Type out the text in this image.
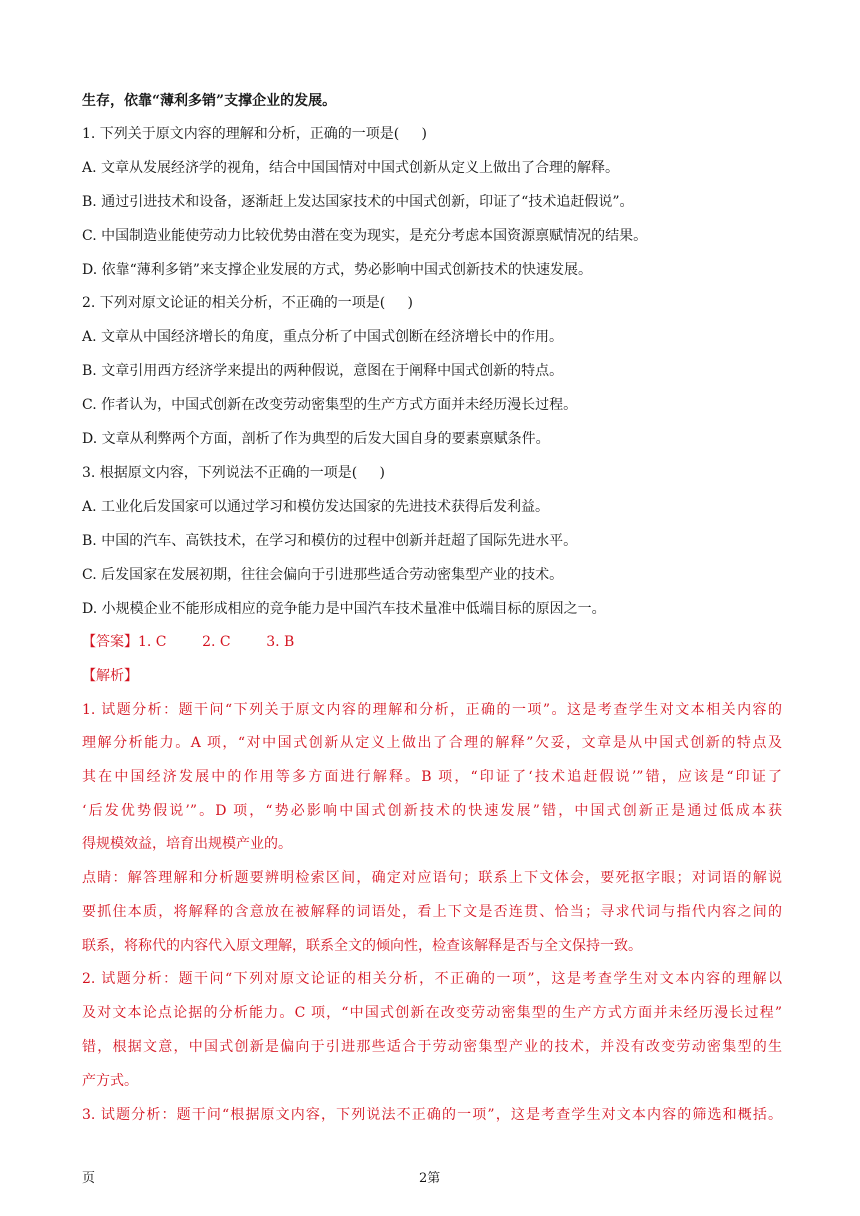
生存，依靠“薄利多销”支撑企业的发展。
1. 下列关于原文内容的理解和分析，正确的一项是(     )
A. 文章从发展经济学的视角，结合中国国情对中国式创新从定义上做出了合理的解释。
B. 通过引进技术和设备，逐渐赶上发达国家技术的中国式创新，印证了“技术追赶假说”。
C. 中国制造业能使劳动力比较优势由潜在变为现实，是充分考虑本国资源禀赋情况的结果。
D. 依靠“薄利多销”来支撑企业发展的方式，势必影响中国式创新技术的快速发展。
2. 下列对原文论证的相关分析，不正确的一项是(     )
A. 文章从中国经济增长的角度，重点分析了中国式创断在经济增长中的作用。
B. 文章引用西方经济学来提出的两种假说，意图在于阐释中国式创新的特点。
C. 作者认为，中国式创新在改变劳动密集型的生产方式方面并未经历漫长过程。
D. 文章从利弊两个方面，剖析了作为典型的后发大国自身的要素禀赋条件。
3. 根据原文内容，下列说法不正确的一项是(     )
A. 工业化后发国家可以通过学习和模仿发达国家的先进技术获得后发利益。
B. 中国的汽车、高铁技术，在学习和模仿的过程中创新并赶超了国际先进水平。
C. 后发国家在发展初期，往往会偏向于引进那些适合劳动密集型产业的技术。
D. 小规模企业不能形成相应的竞争能力是中国汽车技术量准中低端目标的原因之一。
【答案】1. C        2. C        3. B
【解析】
1. 试题分析：题干问“下列关于原文内容的理解和分析，正确的一项”。这是考查学生对文本相关内容的
理解分析能力。A 项，“对中国式创新从定义上做出了合理的解释”欠妥，文章是从中国式创新的特点及
其在中国经济发展中的作用等多方面进行解释。B 项，“印证了‘技术追赶假说’”错，应该是“印证了
‘后发优势假说’”。D 项，“势必影响中国式创新技术的快速发展”错，中国式创新正是通过低成本获
得规模效益，培育出规模产业的。
点睛：解答理解和分析题要辨明检索区间，确定对应语句；联系上下文体会，要死抠字眼；对词语的解说
要抓住本质，将解释的含意放在被解释的词语处，看上下文是否连贯、恰当；寻求代词与指代内容之间的
联系，将称代的内容代入原文理解，联系全文的倾向性，检查该解释是否与全文保持一致。
2. 试题分析：题干问“下列对原文论证的相关分析，不正确的一项”，这是考查学生对文本内容的理解以
及对文本论点论据的分析能力。C 项，“中国式创新在改变劳动密集型的生产方式方面并未经历漫长过程”
错，根据文意，中国式创新是偏向于引进那些适合于劳动密集型产业的技术，并没有改变劳动密集型的生
产方式。
3. 试题分析：题干问“根据原文内容，下列说法不正确的一项”，这是考查学生对文本内容的筛选和概括。
页	2第
